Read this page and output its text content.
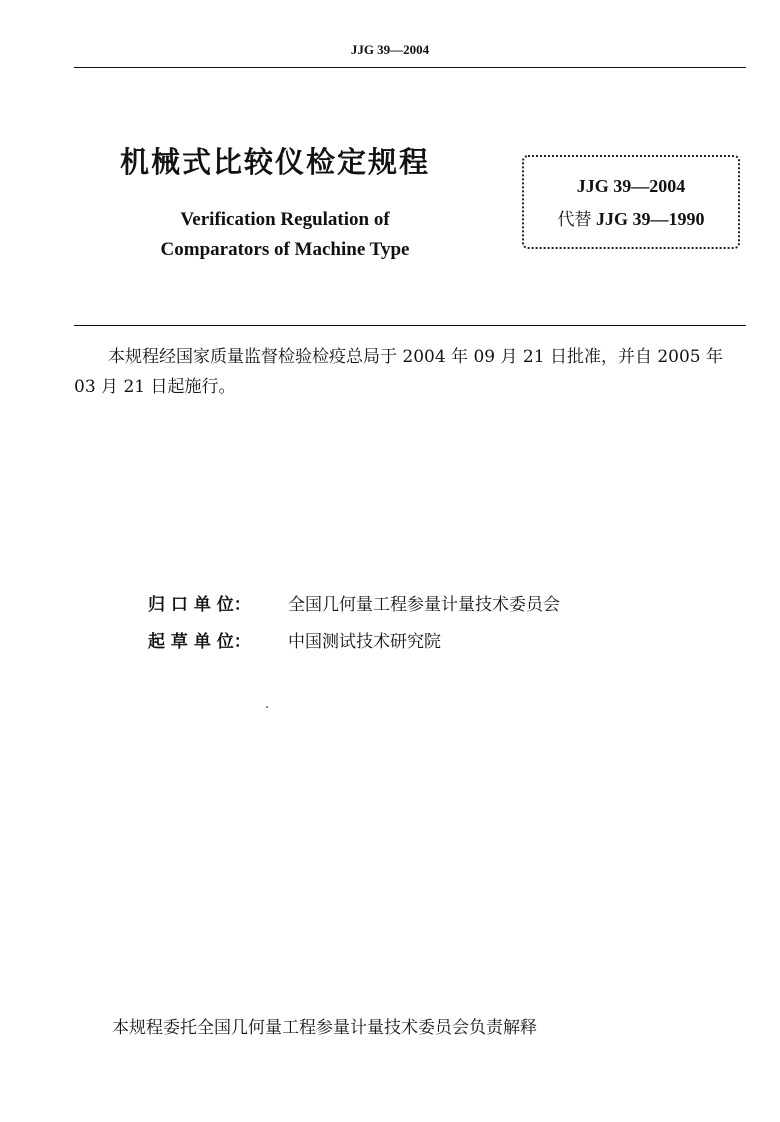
JJG 39—2004
机械式比较仪检定规程
Verification Regulation of
Comparators of Machine Type
JJG 39—2004
代替 JJG 39—1990
本规程经国家质量监督检验检疫总局于 2004 年 09 月 21 日批准，并自 2005 年 03 月 21 日起施行。
归 口 单 位： 全国几何量工程参量计量技术委员会
起 草 单 位： 中国测试技术研究院
本规程委托全国几何量工程参量计量技术委员会负责解释
